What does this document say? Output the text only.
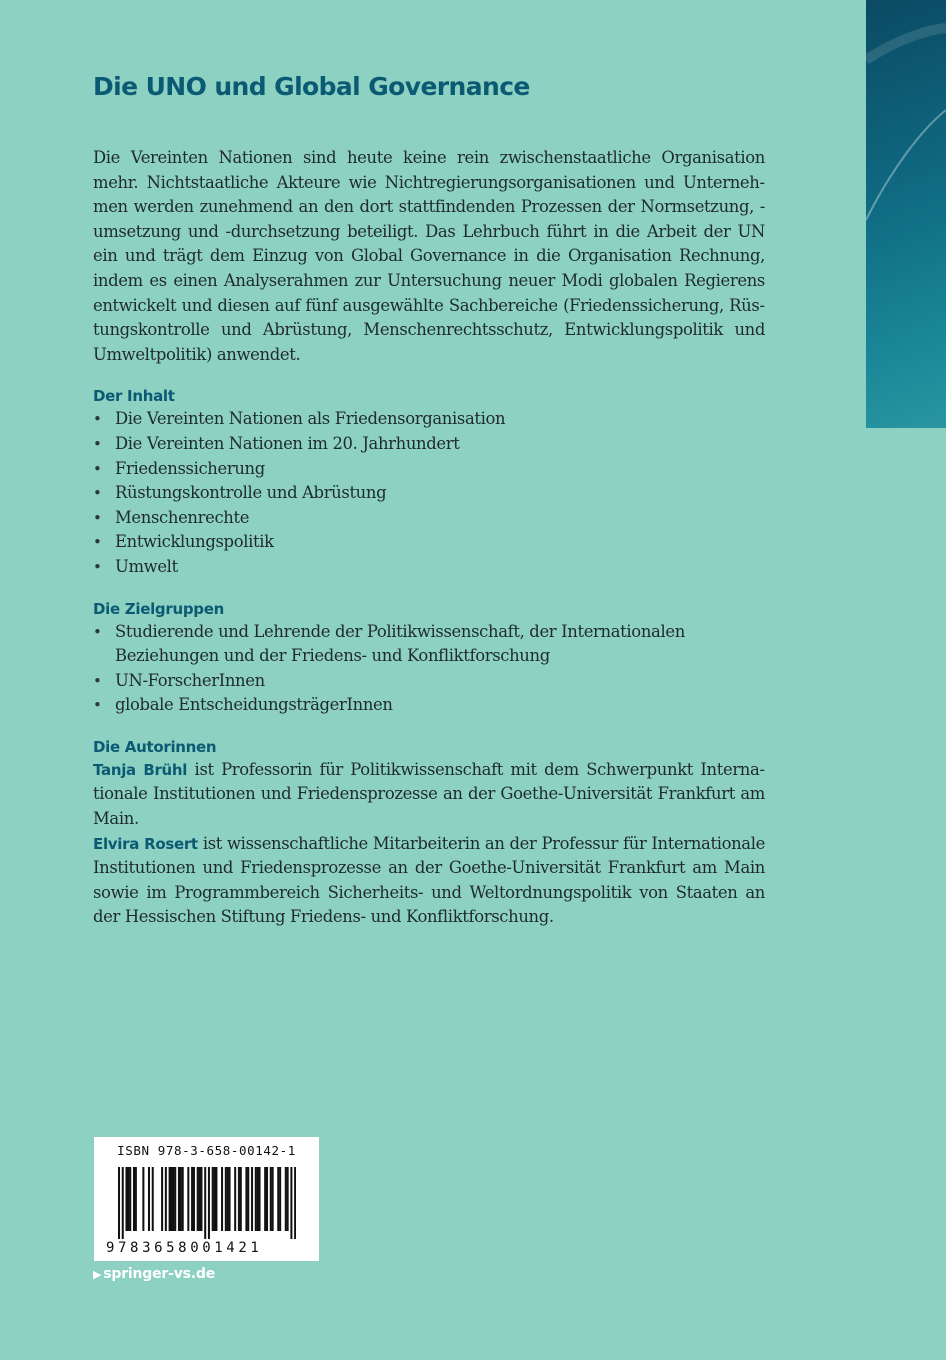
Die UNO und Global Governance

Die Vereinten Nationen sind heute keine rein zwischenstaatliche Organisation mehr. Nichtstaatliche Akteure wie Nichtregierungsorganisationen und Unternehmen werden zunehmend an den dort stattfindenden Prozessen der Normsetzung, -umsetzung und -durchsetzung beteiligt. Das Lehrbuch führt in die Arbeit der UN ein und trägt dem Einzug von Global Governance in die Organisation Rechnung, indem es einen Analyserahmen zur Untersuchung neuer Modi globalen Regierens entwickelt und diesen auf fünf ausgewählte Sachbereiche (Friedenssicherung, Rüstungskontrolle und Abrüstung, Menschenrechtsschutz, Entwicklungspolitik und Umweltpolitik) anwendet.

Der Inhalt
• Die Vereinten Nationen als Friedensorganisation
• Die Vereinten Nationen im 20. Jahrhundert
• Friedenssicherung
• Rüstungskontrolle und Abrüstung
• Menschenrechte
• Entwicklungspolitik
• Umwelt
Die Zielgruppen
• Studierende und Lehrende der Politikwissenschaft, der Internationalen Beziehungen und der Friedens- und Konfliktforschung
• UN-ForscherInnen
• globale EntscheidungsträgerInnen
Die Autorinnen

Tanja Brühl ist Professorin für Politikwissenschaft mit dem Schwerpunkt Internationale Institutionen und Friedensprozesse an der Goethe-Universität Frankfurt am Main.

Elvira Rosert ist wissenschaftliche Mitarbeiterin an der Professur für Internationale Institutionen und Friedensprozesse an der Goethe-Universität Frankfurt am Main sowie im Programmbereich Sicherheits- und Weltordnungspolitik von Staaten an der Hessischen Stiftung Friedens- und Konfliktforschung.

ISBN 978-3-658-00142-1
9783658001421
▶ springer-vs.de
